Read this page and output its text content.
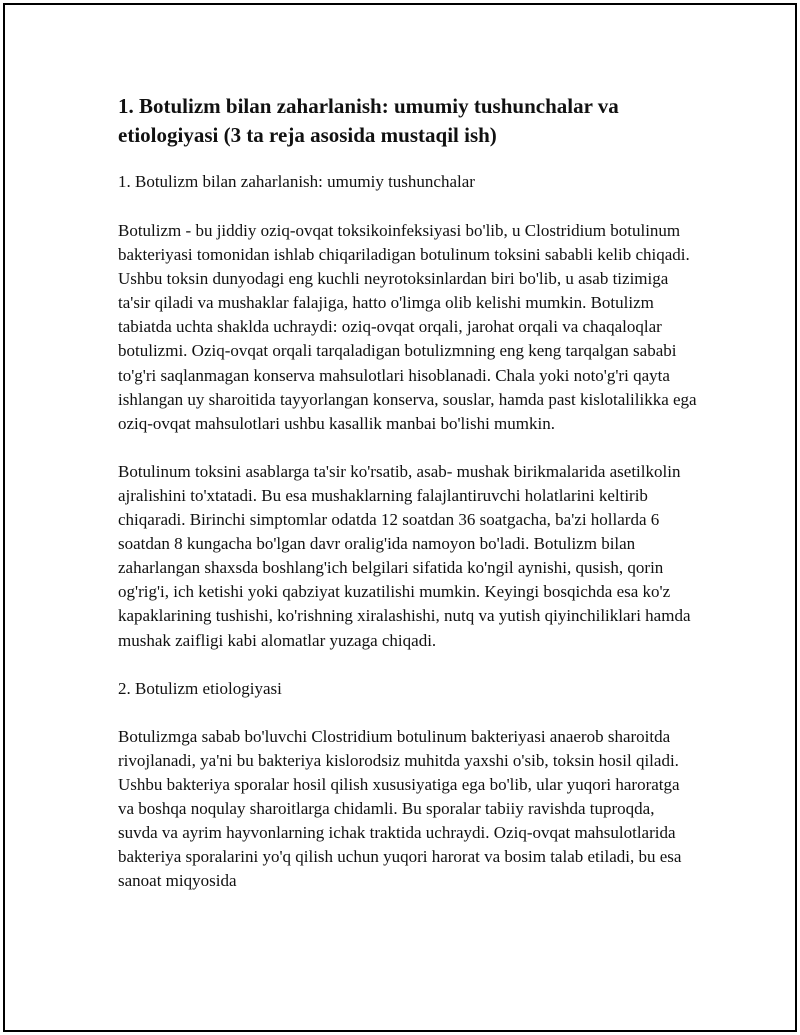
1. Botulizm bilan zaharlanish: umumiy tushunchalar va etiologiyasi (3 ta reja asosida mustaqil ish)

1. Botulizm bilan zaharlanish: umumiy tushunchalar

Botulizm - bu jiddiy oziq-ovqat toksikoinfeksiyasi bo'lib, u Clostridium botulinum bakteriyasi tomonidan ishlab chiqariladigan botulinum toksini sababli kelib chiqadi. Ushbu toksin dunyodagi eng kuchli neyrotoksinlardan biri bo'lib, u asab tizimiga ta'sir qiladi va mushaklar falajiga, hatto o'limga olib kelishi mumkin. Botulizm tabiatda uchta shaklda uchraydi: oziq-ovqat orqali, jarohat orqali va chaqaloqlar botulizmi. Oziq-ovqat orqali tarqaladigan botulizmning eng keng tarqalgan sababi to'g'ri saqlanmagan konserva mahsulotlari hisoblanadi. Chala yoki noto'g'ri qayta ishlangan uy sharoitida tayyorlangan konserva, souslar, hamda past kislotalilikka ega oziq-ovqat mahsulotlari ushbu kasallik manbai bo'lishi mumkin.

Botulinum toksini asablarga ta'sir ko'rsatib, asab- mushak birikmalarida asetilkolin ajralishini to'xtatadi. Bu esa mushaklarning falajlantiruvchi holatlarini keltirib chiqaradi. Birinchi simptomlar odatda 12 soatdan 36 soatgacha, ba'zi hollarda 6 soatdan 8 kungacha bo'lgan davr oralig'ida namoyon bo'ladi. Botulizm bilan zaharlangan shaxsda boshlang'ich belgilari sifatida ko'ngil aynishi, qusish, qorin og'rig'i, ich ketishi yoki qabziyat kuzatilishi mumkin. Keyingi bosqichda esa ko'z kapaklarining tushishi, ko'rishning xiralashishi, nutq va yutish qiyinchiliklari hamda mushak zaifligi kabi alomatlar yuzaga chiqadi.

2. Botulizm etiologiyasi

Botulizmga sabab bo'luvchi Clostridium botulinum bakteriyasi anaerob sharoitda rivojlanadi, ya'ni bu bakteriya kislorodsiz muhitda yaxshi o'sib, toksin hosil qiladi. Ushbu bakteriya sporalar hosil qilish xususiyatiga ega bo'lib, ular yuqori haroratga va boshqa noqulay sharoitlarga chidamli. Bu sporalar tabiiy ravishda tuproqda, suvda va ayrim hayvonlarning ichak traktida uchraydi. Oziq-ovqat mahsulotlarida bakteriya sporalarini yo'q qilish uchun yuqori harorat va bosim talab etiladi, bu esa sanoat miqyosida
